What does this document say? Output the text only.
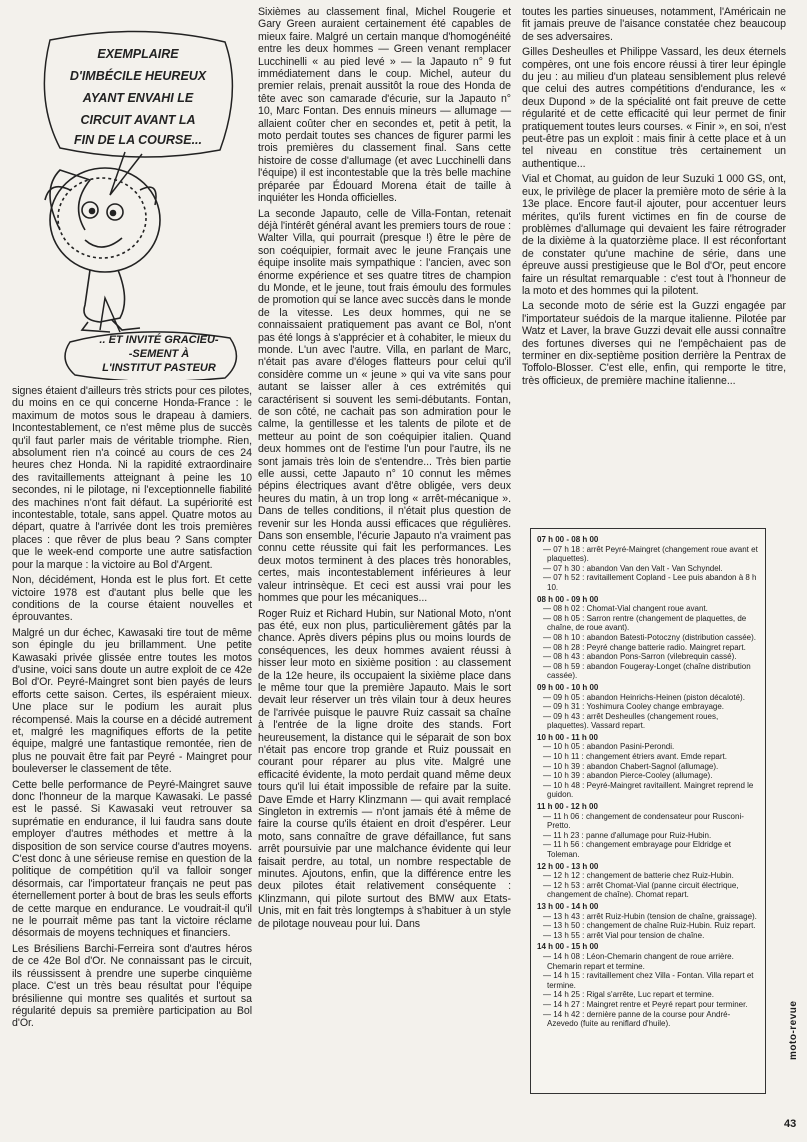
EXEMPLAIRE
D'IMBÉCILE HEUREUX
AYANT ENVAHI LE
CIRCUIT AVANT LA
FIN DE LA COURSE...
.. ET INVITÉ GRACIEU-
-SEMENT À
L'INSTITUT PASTEUR

signes étaient d'ailleurs très stricts pour ces pilotes, du moins en ce qui concerne Honda-France : le maximum de motos sous le drapeau à damiers. Incontestablement, ce n'est même plus de succès qu'il faut parler mais de véritable triomphe. Rien, absolument rien n'a coincé au cours de ces 24 heures chez Honda. Ni la rapidité extraordinaire des ravitaillements atteignant à peine les 10 secondes, ni le pilotage, ni l'exceptionnelle fiabilité des machines n'ont fait défaut. La supériorité est incontestable, totale, sans appel. Quatre motos au départ, quatre à l'arrivée dont les trois premières places : que rêver de plus beau ? Sans compter que le week-end comporte une autre satisfaction pour la marque : la victoire au Bol d'Argent.

Non, décidément, Honda est le plus fort. Et cette victoire 1978 est d'autant plus belle que les conditions de la course étaient nouvelles et éprouvantes.

Malgré un dur échec, Kawasaki tire tout de même son épingle du jeu brillamment. Une petite Kawasaki privée glissée entre toutes les motos d'usine, voici sans doute un autre exploit de ce 42e Bol d'Or. Peyré-Maingret sont bien payés de leurs efforts cette saison. Certes, ils espéraient mieux. Une place sur le podium les aurait plus récompensé. Mais la course en a décidé autrement et, malgré les magnifiques efforts de la petite équipe, malgré une fantastique remontée, rien de plus ne pouvait être fait par Peyré - Maingret pour bouleverser le classement de tête.

Cette belle performance de Peyré-Maingret sauve donc l'honneur de la marque Kawasaki. Le passé est le passé. Si Kawasaki veut retrouver sa suprématie en endurance, il lui faudra sans doute employer d'autres méthodes et mettre à la disposition de son service course d'autres moyens. C'est donc à une sérieuse remise en question de la politique de compétition qu'il va falloir songer désormais, car l'importateur français ne peut pas éternellement porter à bout de bras les seuls efforts de cette marque en endurance. Le voudrait-il qu'il ne le pourrait même pas tant la victoire réclame désormais de moyens techniques et financiers.

Les Brésiliens Barchi-Ferreira sont d'autres héros de ce 42e Bol d'Or. Ne connaissant pas le circuit, ils réussissent à prendre une superbe cinquième place. C'est un très beau résultat pour l'équipe brésilienne qui montre ses qualités et surtout sa régularité depuis sa première participation au Bol d'Or.

Sixièmes au classement final, Michel Rougerie et Gary Green auraient certainement été capables de mieux faire. Malgré un certain manque d'homogénéité entre les deux hommes — Green venant remplacer Lucchinelli « au pied levé » — la Japauto n° 9 fut immédiatement dans le coup. Michel, auteur du premier relais, prenait aussitôt la roue des Honda de tête avec son camarade d'écurie, sur la Japauto n° 10, Marc Fontan. Des ennuis mineurs — allumage — allaient coûter cher en secondes et, petit à petit, la moto perdait toutes ses chances de figurer parmi les trois premières du classement final. Sans cette histoire de cosse d'allumage (et avec Lucchinelli dans l'équipe) il est incontestable que la très belle machine préparée par Édouard Morena était de taille à inquiéter les Honda officielles.

La seconde Japauto, celle de Villa-Fontan, retenait déjà l'intérêt général avant les premiers tours de roue : Walter Villa, qui pourrait (presque !) être le père de son coéquipier, formait avec le jeune Français une équipe insolite mais sympathique : l'ancien, avec son énorme expérience et ses quatre titres de champion du Monde, et le jeune, tout frais émoulu des formules de promotion qui se lance avec succès dans le monde de la vitesse. Les deux hommes, qui ne se connaissaient pratiquement pas avant ce Bol, n'ont pas été longs à s'apprécier et à cohabiter, le mieux du monde. L'un avec l'autre. Villa, en parlant de Marc, n'était pas avare d'éloges flatteurs pour celui qu'il considère comme un « jeune » qui va vite sans pour autant se laisser aller à ces extrémités qui caractérisent si souvent les semi-débutants. Fontan, de son côté, ne cachait pas son admiration pour le calme, la gentillesse et les talents de pilote et de metteur au point de son coéquipier italien. Quand deux hommes ont de l'estime l'un pour l'autre, ils ne sont jamais très loin de s'entendre... Très bien partie elle aussi, cette Japauto n° 10 connut les mêmes pépins électriques avant d'être obligée, vers deux heures du matin, à un trop long « arrêt-mécanique ». Dans de telles conditions, il n'était plus question de revenir sur les Honda aussi efficaces que régulières. Dans son ensemble, l'écurie Japauto n'a vraiment pas connu cette réussite qui fait les performances. Les deux motos terminent à des places très honorables, certes, mais incontestablement inférieures à leur valeur intrinsèque. Et ceci est aussi vrai pour les hommes que pour les mécaniques...

Roger Ruiz et Richard Hubin, sur National Moto, n'ont pas été, eux non plus, particulièrement gâtés par la chance. Après divers pépins plus ou moins lourds de conséquences, les deux hommes avaient réussi à hisser leur moto en sixième position : au classement de la 12e heure, ils occupaient la sixième place dans le même tour que la première Japauto. Mais le sort devait leur réserver un très vilain tour à deux heures de l'arrivée puisque le pauvre Ruiz cassait sa chaîne à l'entrée de la ligne droite des stands. Fort heureusement, la distance qui le séparait de son box n'était pas encore trop grande et Ruiz poussait en courant pour réparer au plus vite. Malgré une efficacité évidente, la moto perdait quand même deux tours qu'il lui était impossible de refaire par la suite. Dave Emde et Harry Klinzmann — qui avait remplacé Singleton in extremis — n'ont jamais été à même de faire la course qu'ils étaient en droit d'espérer. Leur moto, sans connaître de grave défaillance, fut sans arrêt poursuivie par une malchance évidente qui leur faisait perdre, au total, un nombre respectable de minutes. Ajoutons, enfin, que la différence entre les deux pilotes était relativement conséquente : Klinzmann, qui pilote surtout des BMW aux Etats-Unis, mit en fait très longtemps à s'habituer à un style de pilotage nouveau pour lui. Dans

toutes les parties sinueuses, notamment, l'Américain ne fit jamais preuve de l'aisance constatée chez beaucoup de ses adversaires.

Gilles Desheulles et Philippe Vassard, les deux éternels compères, ont une fois encore réussi à tirer leur épingle du jeu : au milieu d'un plateau sensiblement plus relevé que celui des autres compétitions d'endurance, les « deux Dupond » de la spécialité ont fait preuve de cette régularité et de cette efficacité qui leur permet de finir pratiquement toutes leurs courses. « Finir », en soi, n'est peut-être pas un exploit : mais finir à cette place et à un tel niveau en constitue très certainement un authentique...

Vial et Chomat, au guidon de leur Suzuki 1 000 GS, ont, eux, le privilège de placer la première moto de série à la 13e place. Encore faut-il ajouter, pour accentuer leurs mérites, qu'ils furent victimes en fin de course de problèmes d'allumage qui devaient les faire rétrograder de la dixième à la quatorzième place. Il est réconfortant de constater qu'une machine de série, dans une épreuve aussi prestigieuse que le Bol d'Or, peut encore faire un résultat remarquable : c'est tout à l'honneur de la moto et des hommes qui la pilotent.

La seconde moto de série est la Guzzi engagée par l'importateur suédois de la marque italienne. Pilotée par Watz et Laver, la brave Guzzi devait elle aussi connaître des fortunes diverses qui ne l'empêchaient pas de terminer en dix-septième position derrière la Pentrax de Toffolo-Blosser. C'est elle, enfin, qui remporte le titre, très officieux, de première machine italienne...

07 h 00 - 08 h 00
— 07 h 18 : arrêt Peyré-Maingret (changement roue avant et plaquettes).
— 07 h 30 : abandon Van den Valt - Van Schyndel.
— 07 h 52 : ravitaillement Copland - Lee puis abandon à 8 h 10.
08 h 00 - 09 h 00
— 08 h 02 : Chomat-Vial changent roue avant.
— 08 h 05 : Sarron rentre (changement de plaquettes, de chaîne, de roue avant).
— 08 h 10 : abandon Batesti-Potoczny (distribution cassée).
— 08 h 28 : Peyré change batterie radio. Maingret repart.
— 08 h 43 : abandon Pons-Sarron (vilebrequin cassé).
— 08 h 59 : abandon Fougeray-Longet (chaîne distribution cassée).
09 h 00 - 10 h 00
— 09 h 05 : abandon Heinrichs-Heinen (piston décaloté).
— 09 h 31 : Yoshimura Cooley change embrayage.
— 09 h 43 : arrêt Desheulles (changement roues, plaquettes). Vassard repart.
10 h 00 - 11 h 00
— 10 h 05 : abandon Pasini-Perondi.
— 10 h 11 : changement étriers avant. Emde repart.
— 10 h 39 : abandon Chabert-Sagnol (allumage).
— 10 h 39 : abandon Pierce-Cooley (allumage).
— 10 h 48 : Peyré-Maingret ravitaillent. Maingret reprend le guidon.
11 h 00 - 12 h 00
— 11 h 06 : changement de condensateur pour Rusconi-Pretto.
— 11 h 23 : panne d'allumage pour Ruiz-Hubin.
— 11 h 56 : changement embrayage pour Eldridge et Toleman.
12 h 00 - 13 h 00
— 12 h 12 : changement de batterie chez Ruiz-Hubin.
— 12 h 53 : arrêt Chomat-Vial (panne circuit électrique, changement de chaîne). Chomat repart.
13 h 00 - 14 h 00
— 13 h 43 : arrêt Ruiz-Hubin (tension de chaîne, graissage).
— 13 h 50 : changement de chaîne Ruiz-Hubin. Ruiz repart.
— 13 h 55 : arrêt Vial pour tension de chaîne.
14 h 00 - 15 h 00
— 14 h 08 : Léon-Chemarin changent de roue arrière. Chemarin repart et termine.
— 14 h 15 : ravitaillement chez Villa - Fontan. Villa repart et termine.
— 14 h 25 : Rigal s'arrête, Luc repart et termine.
— 14 h 27 : Maingret rentre et Peyré repart pour terminer.
— 14 h 42 : dernière panne de la course pour André-Azevedo (fuite au reniflard d'huile).	moto-revue
43
